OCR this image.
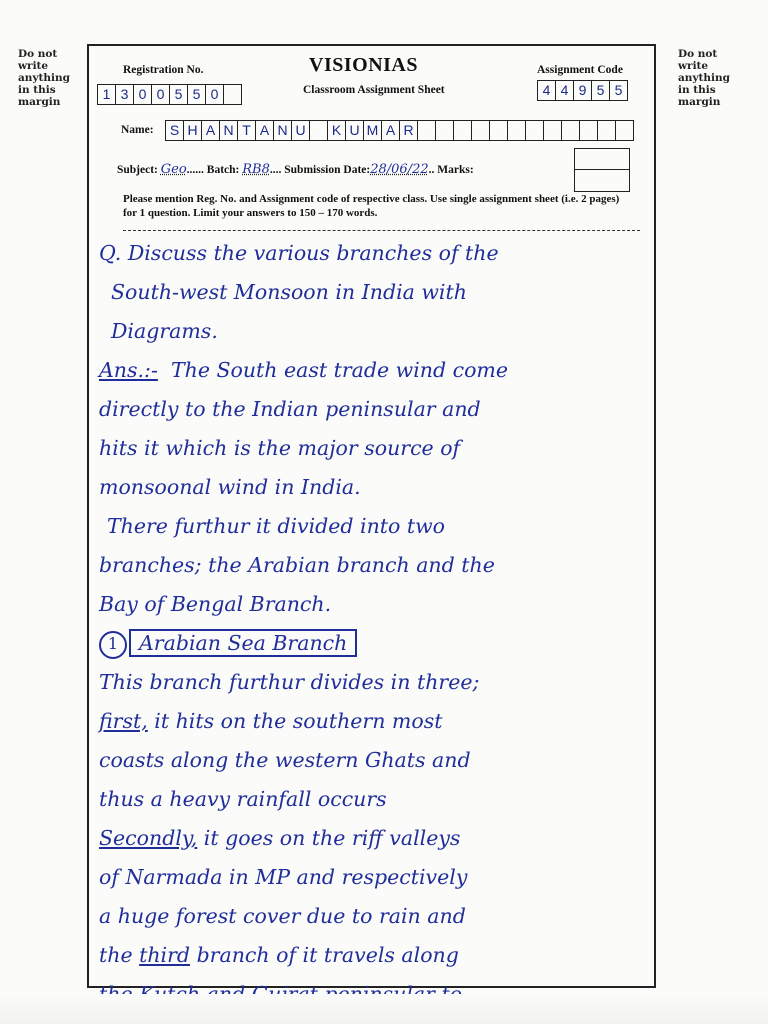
Do not
write
anything
in this
margin
Do not
write
anything
in this
margin
Registration No.
1 3 0 0 5 5 0
VISIONIAS
Classroom Assignment Sheet
Assignment Code
4 4 9 5 5
Name:	S H A N T A N U	K U M A R
Subject: Geo...... Batch: RB8.... Submission Date:28/06/22.. Marks:
Please mention Reg. No. and Assignment code of respective class. Use single assignment sheet (i.e. 2 pages) for 1 question. Limit your answers to 150 – 170 words.

Q. Discuss the various branches of the

South-west Monsoon in India with

Diagrams.

Ans.:- The South east trade wind come

directly to the Indian peninsular and

hits it which is the major source of

monsoonal wind in India.

There furthur it divided into two

branches; the Arabian branch and the

Bay of Bengal Branch.

1 Arabian Sea Branch

This branch furthur divides in three;

first, it hits on the southern most

coasts along the western Ghats and

thus a heavy rainfall occurs

Secondly, it goes on the riff valleys

of Narmada in MP and respectively

a huge forest cover due to rain and

the third branch of it travels along
